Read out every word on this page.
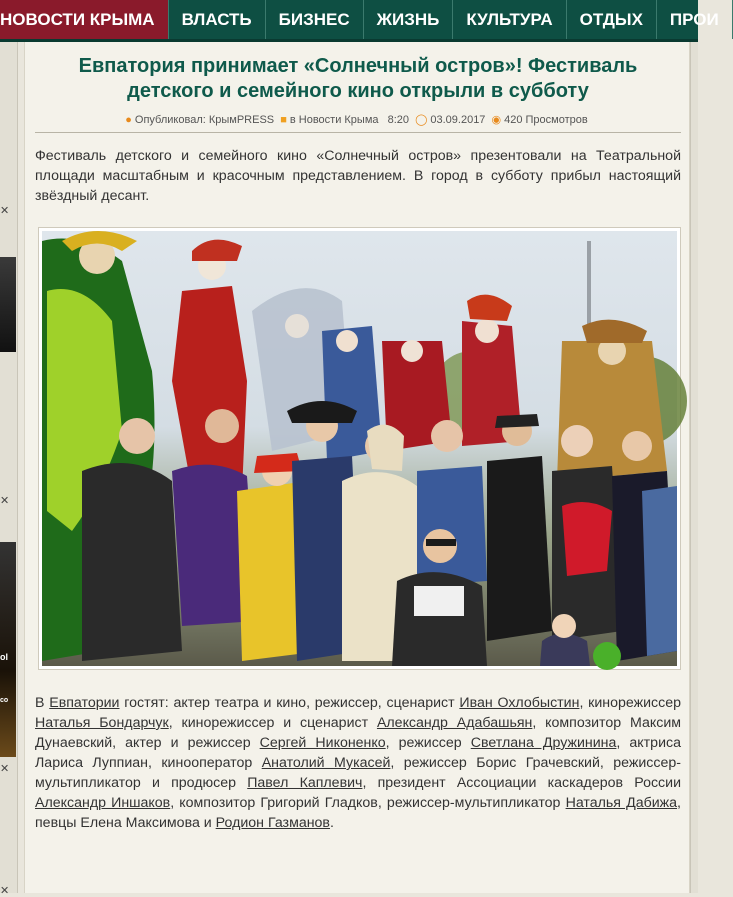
НОВОСТИ КРЫМА	ВЛАСТЬ	БИЗНЕС	ЖИЗНЬ	КУЛЬТУРА	ОТДЫХ	ПРОИ
✕
✕
ol
co
✕
✕
Евпатория принимает «Солнечный остров»! Фестиваль детского и семейного кино открыли в субботу
● Опубликовал: КрымPRESS ■ в Новости Крыма 8:20 ◯ 03.09.2017 ◉ 420 Просмотров

Фестиваль детского и семейного кино «Солнечный остров» презентовали на Театральной площади масштабным и красочным представлением. В город в субботу прибыл настоящий звёздный десант.

В Евпатории гостят: актер театра и кино, режиссер, сценарист Иван Охлобыстин, кинорежиссер Наталья Бондарчук, кинорежиссер и сценарист Александр Адабашьян, композитор Максим Дунаевский, актер и режиссер Сергей Никоненко, режиссер Светлана Дружинина, актриса Лариса Луппиан, кинооператор Анатолий Мукасей, режиссер Борис Грачевский, режиссер-мультипликатор и продюсер Павел Каплевич, президент Ассоциации каскадеров России Александр Иншаков, композитор Григорий Гладков, режиссер-мультипликатор Наталья Дабижа, певцы Елена Максимова и Родион Газманов.
